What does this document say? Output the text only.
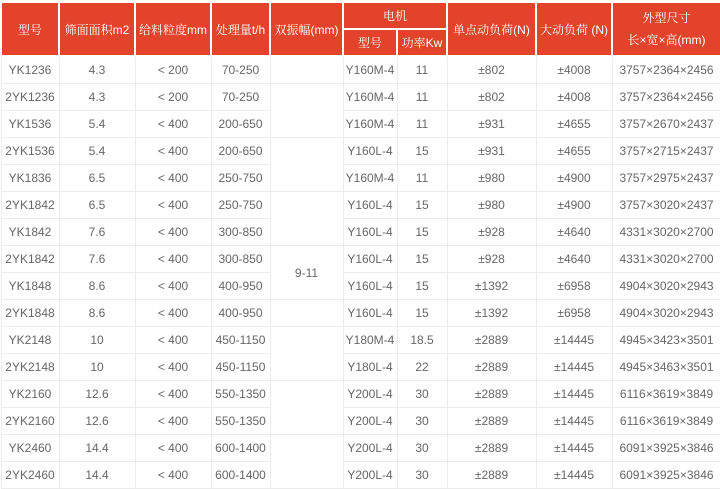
型号	筛面面积m2	给料粒度mm	处理量t/h	双振幅(mm)	电机		单点动负荷(N)	大动负荷 (N)	外型尺寸
长×宽×高(mm)

					型号	功率Kw			
YK1236	4.3	< 200	70-250		Y160M-4	11	±802	±4008	3757×2364×2456
2YK1236	4.3	< 200	70-250		Y160M-4	11	±802	±4008	3757×2364×2456
YK1536	5.4	< 400	200-650		Y160M-4	11	±931	±4655	3757×2670×2437
2YK1536	5.4	< 400	200-650		Y160L-4	15	±931	±4655	3757×2715×2437
YK1836	6.5	< 400	250-750		Y160M-4	11	±980	±4900	3757×2975×2437
2YK1842	6.5	< 400	250-750		Y160L-4	15	±980	±4900	3757×3020×2437
YK1842	7.6	< 400	300-850		Y160L-4	15	±928	±4640	4331×3020×2700
2YK1842	7.6	< 400	300-850	9-11	Y160L-4	15	±928	±4640	4331×3020×2700
YK1848	8.6	< 400	400-950		Y160L-4	15	±1392	±6958	4904×3020×2943
2YK1848	8.6	< 400	400-950		Y160L-4	15	±1392	±6958	4904×3020×2943
YK2148	10	< 400	450-1150		Y180M-4	18.5	±2889	±14445	4945×3423×3501
2YK2148	10	< 400	450-1150		Y180L-4	22	±2889	±14445	4945×3463×3501
YK2160	12.6	< 400	550-1350		Y200L-4	30	±2889	±14445	6116×3619×3849
2YK2160	12.6	< 400	550-1350		Y200L-4	30	±2889	±14445	6116×3619×3849
YK2460	14.4	< 400	600-1400		Y200L-4	30	±2889	±14445	6091×3925×3846
2YK2460	14.4	< 400	600-1400		Y200L-4	30	±2889	±14445	6091×3925×3846
